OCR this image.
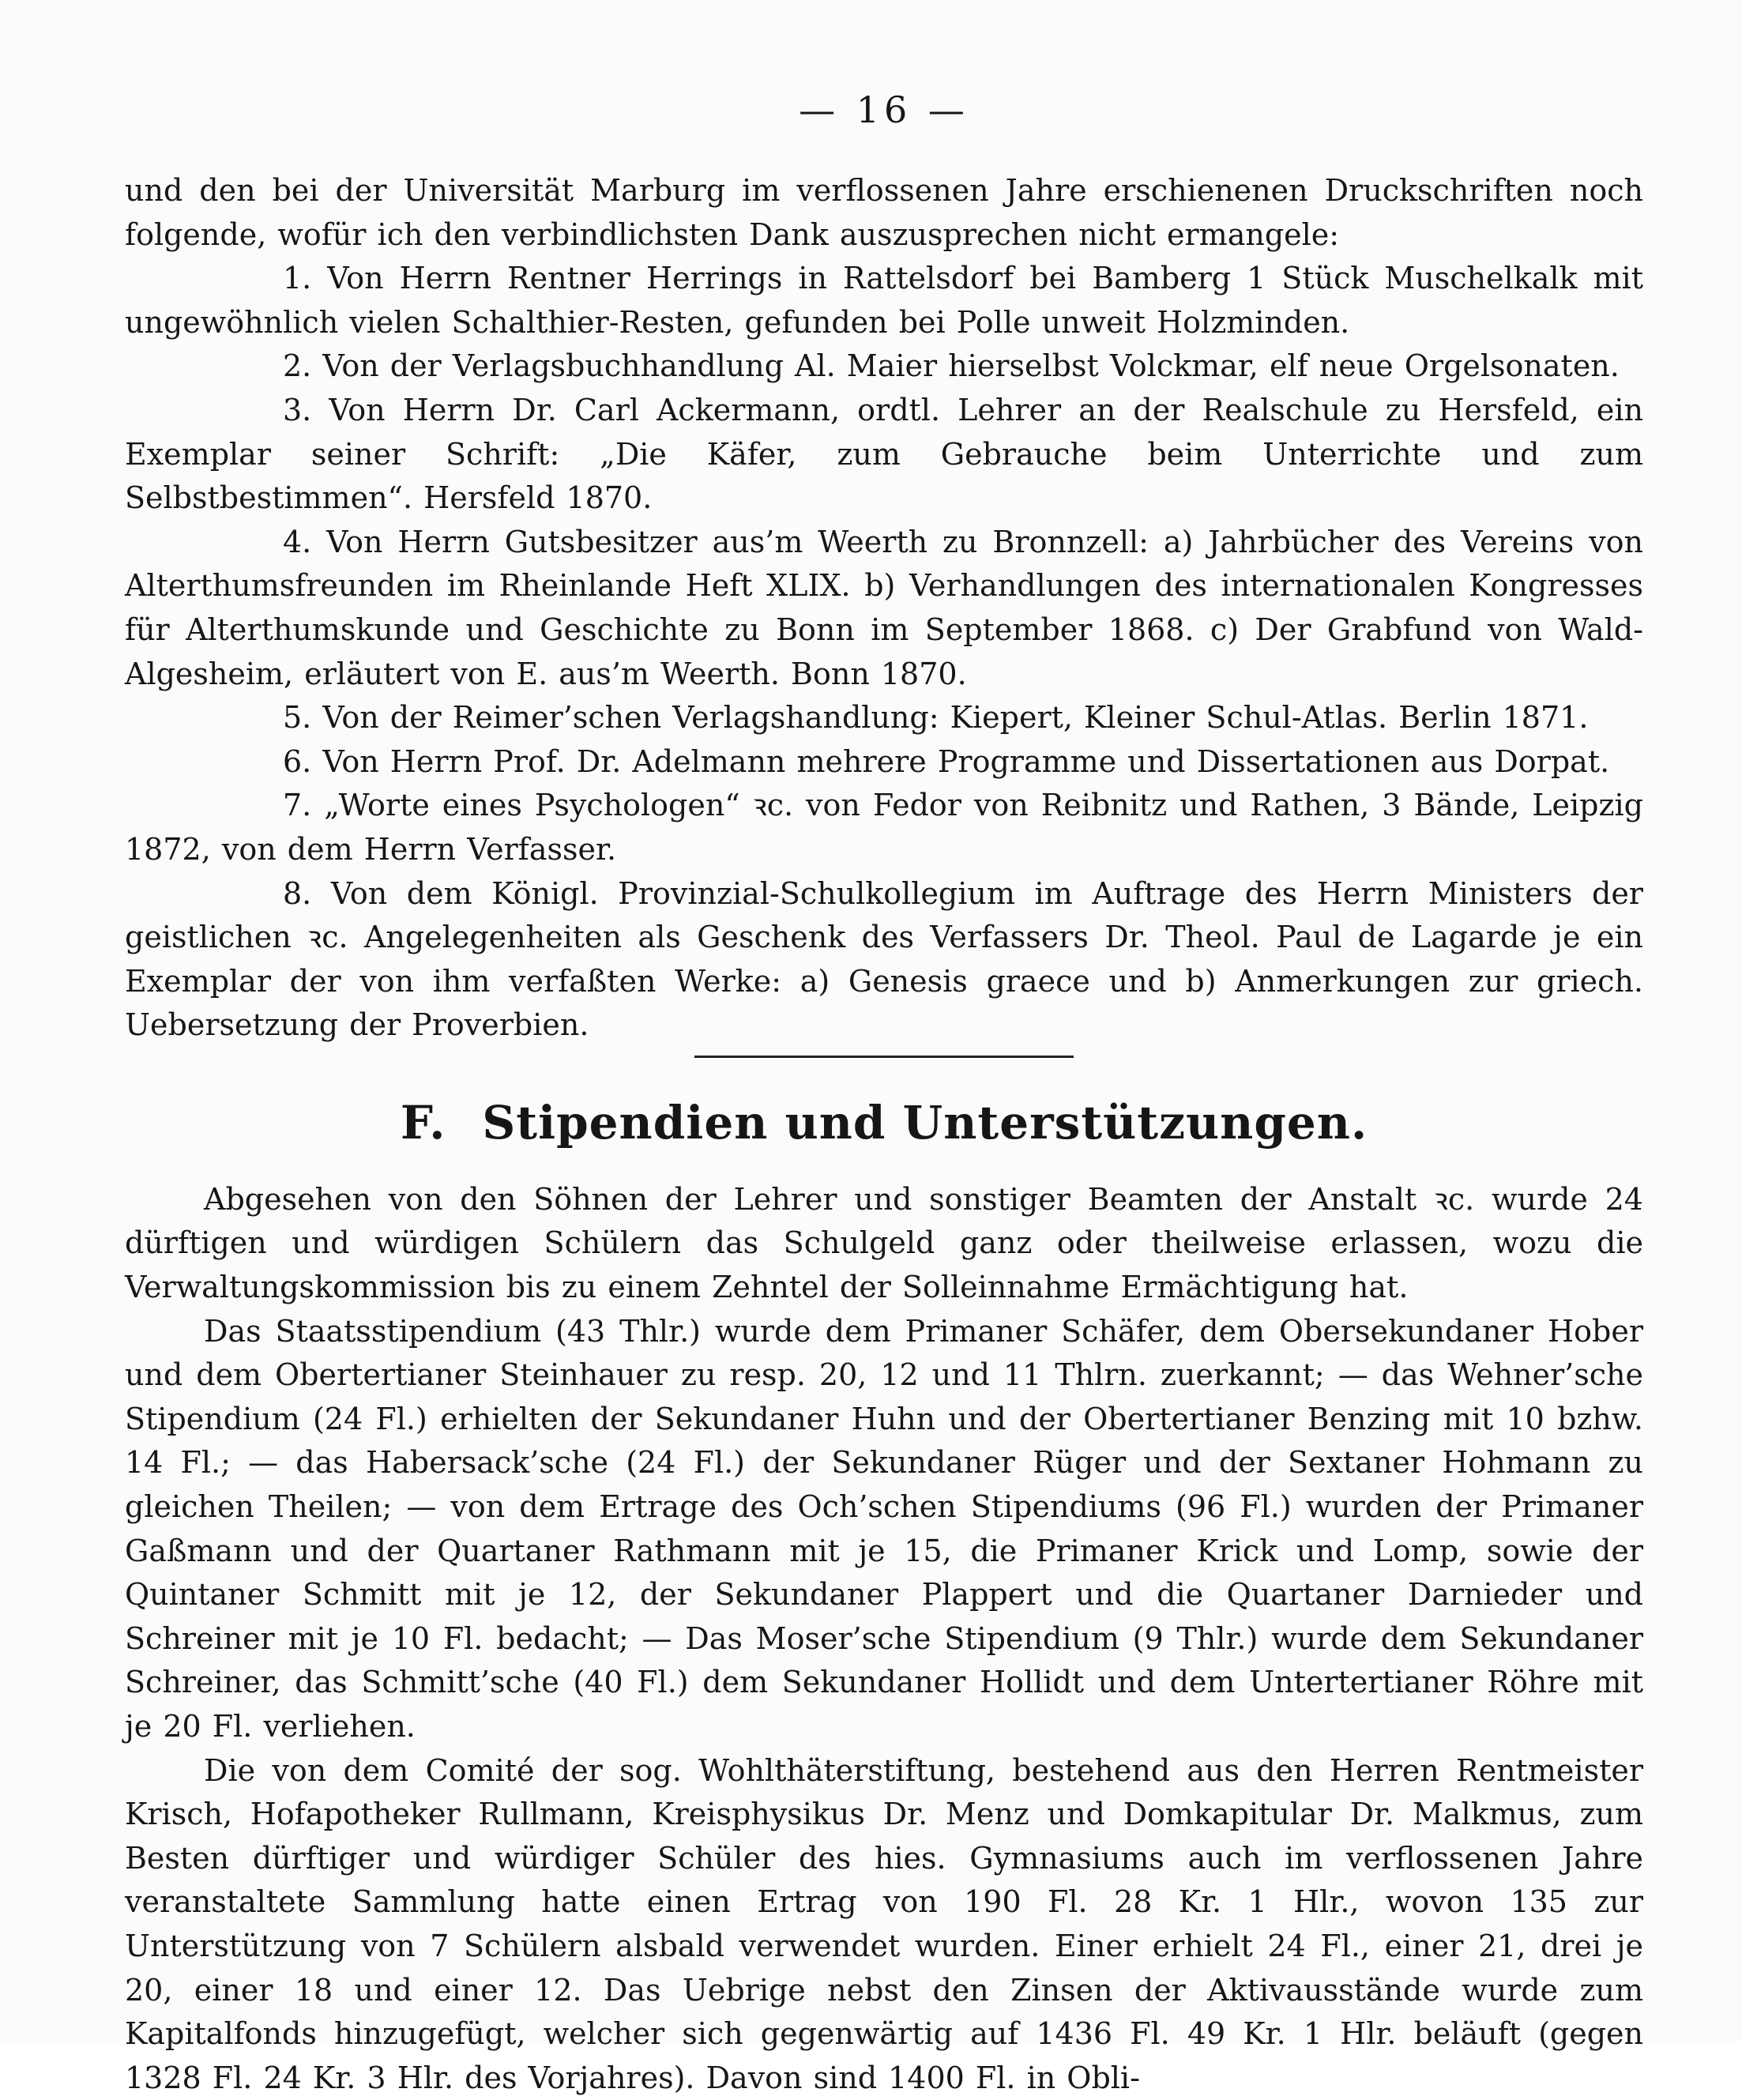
— 16 —

und den bei der Universität Marburg im verflossenen Jahre erschienenen Druckschriften noch folgende, wofür ich den verbindlichsten Dank auszusprechen nicht ermangele:

1. Von Herrn Rentner Herrings in Rattelsdorf bei Bamberg 1 Stück Muschelkalk mit ungewöhnlich vielen Schalthier-Resten, gefunden bei Polle unweit Holzminden.

2. Von der Verlagsbuchhandlung Al. Maier hierselbst Volckmar, elf neue Orgelsonaten.

3. Von Herrn Dr. Carl Ackermann, ordtl. Lehrer an der Realschule zu Hersfeld, ein Exemplar seiner Schrift: „Die Käfer, zum Gebrauche beim Unterrichte und zum Selbstbestimmen“. Hersfeld 1870.

4. Von Herrn Gutsbesitzer aus’m Weerth zu Bronnzell: a) Jahrbücher des Vereins von Alterthumsfreunden im Rheinlande Heft XLIX. b) Verhandlungen des internationalen Kongresses für Alterthumskunde und Geschichte zu Bonn im September 1868. c) Der Grabfund von Wald-Algesheim, erläutert von E. aus’m Weerth. Bonn 1870.

5. Von der Reimer’schen Verlagshandlung: Kiepert, Kleiner Schul-Atlas. Berlin 1871.

6. Von Herrn Prof. Dr. Adelmann mehrere Programme und Dissertationen aus Dorpat.

7. „Worte eines Psychologen“ ꝛc. von Fedor von Reibnitz und Rathen, 3 Bände, Leipzig 1872, von dem Herrn Verfasser.

8. Von dem Königl. Provinzial-Schulkollegium im Auftrage des Herrn Ministers der geistlichen ꝛc. Angelegenheiten als Geschenk des Verfassers Dr. Theol. Paul de Lagarde je ein Exemplar der von ihm verfaßten Werke: a) Genesis graece und b) Anmerkungen zur griech. Uebersetzung der Proverbien.

F. Stipendien und Unterstützungen.

Abgesehen von den Söhnen der Lehrer und sonstiger Beamten der Anstalt ꝛc. wurde 24 dürftigen und würdigen Schülern das Schulgeld ganz oder theilweise erlassen, wozu die Verwaltungskommission bis zu einem Zehntel der Solleinnahme Ermächtigung hat.

Das Staatsstipendium (43 Thlr.) wurde dem Primaner Schäfer, dem Obersekundaner Hober und dem Obertertianer Steinhauer zu resp. 20, 12 und 11 Thlrn. zuerkannt; — das Wehner’sche Stipendium (24 Fl.) erhielten der Sekundaner Huhn und der Obertertianer Benzing mit 10 bzhw. 14 Fl.; — das Habersack’sche (24 Fl.) der Sekundaner Rüger und der Sextaner Hohmann zu gleichen Theilen; — von dem Ertrage des Och’schen Stipendiums (96 Fl.) wurden der Primaner Gaßmann und der Quartaner Rathmann mit je 15, die Primaner Krick und Lomp, sowie der Quintaner Schmitt mit je 12, der Sekundaner Plappert und die Quartaner Darnieder und Schreiner mit je 10 Fl. bedacht; — Das Moser’sche Stipendium (9 Thlr.) wurde dem Sekundaner Schreiner, das Schmitt’sche (40 Fl.) dem Sekundaner Hollidt und dem Untertertianer Röhre mit je 20 Fl. verliehen.

Die von dem Comité der sog. Wohlthäterstiftung, bestehend aus den Herren Rentmeister Krisch, Hofapotheker Rullmann, Kreisphysikus Dr. Menz und Domkapitular Dr. Malkmus, zum Besten dürftiger und würdiger Schüler des hies. Gymnasiums auch im verflossenen Jahre veranstaltete Sammlung hatte einen Ertrag von 190 Fl. 28 Kr. 1 Hlr., wovon 135 zur Unterstützung von 7 Schülern alsbald verwendet wurden. Einer erhielt 24 Fl., einer 21, drei je 20, einer 18 und einer 12. Das Uebrige nebst den Zinsen der Aktivausstände wurde zum Kapitalfonds hinzugefügt, welcher sich gegenwärtig auf 1436 Fl. 49 Kr. 1 Hlr. beläuft (gegen 1328 Fl. 24 Kr. 3 Hlr. des Vorjahres). Davon sind 1400 Fl. in Obli-
